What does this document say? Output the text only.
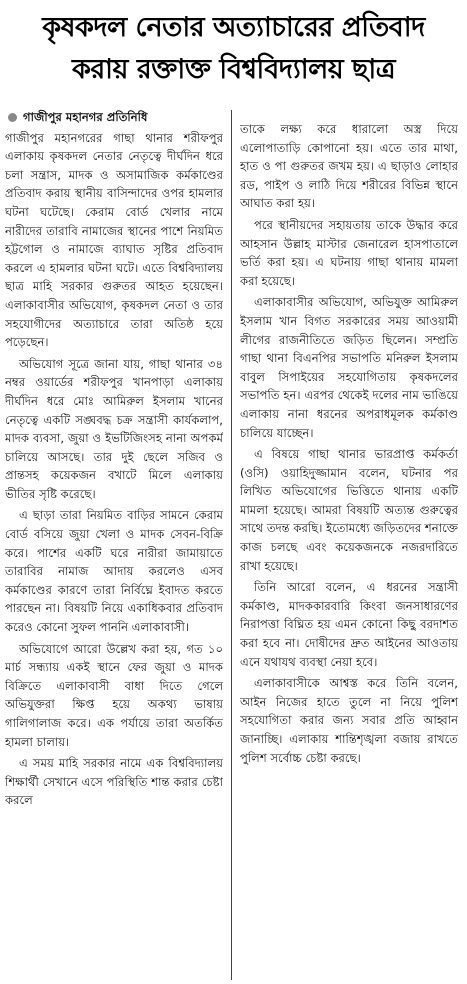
কৃষকদল নেতার অত্যাচারের প্রতিবাদ
করায় রক্তাক্ত বিশ্ববিদ্যালয় ছাত্র
গাজীপুর মহানগর প্রতিনিধি

গাজীপুর মহানগরের গাছা থানার শরীফপুর এলাকায় কৃষকদল নেতার নেতৃত্বে দীর্ঘদিন ধরে চলা সন্ত্রাস, মাদক ও অসামাজিক কর্মকাণ্ডের প্রতিবাদ করায় স্থানীয় বাসিন্দাদের ওপর হামলার ঘটনা ঘটেছে। কেরাম বোর্ড খেলার নামে নারীদের তারাবি নামাজের স্থানের পাশে নিয়মিত হট্টগোল ও নামাজে ব্যাঘাত সৃষ্টির প্রতিবাদ করলে এ হামলার ঘটনা ঘটে। এতে বিশ্ববিদ্যালয় ছাত্র মাহি সরকার গুরুতর আহত হয়েছেন। এলাকাবাসীর অভিযোগ, কৃষকদল নেতা ও তার সহযোগীদের অত্যাচারে তারা অতিষ্ঠ হয়ে পড়েছেন।

অভিযোগ সূত্রে জানা যায়, গাছা থানার ৩৪ নম্বর ওয়ার্ডের শরীফপুর খানপাড়া এলাকায় দীর্ঘদিন ধরে মোঃ আমিরুল ইসলাম খানের নেতৃত্বে একটি সঙ্ঘবদ্ধ চক্র সন্ত্রাসী কার্যকলাপ, মাদক ব্যবসা, জুয়া ও ইভটিজিংসহ নানা অপকর্ম চালিয়ে আসছে। তার দুই ছেলে সজিব ও প্রান্তসহ কয়েকজন বখাটে মিলে এলাকায় ভীতির সৃষ্টি করেছে।

এ ছাড়া তারা নিয়মিত বাড়ির সামনে কেরাম বোর্ড বসিয়ে জুয়া খেলা ও মাদক সেবন-বিক্রি করে। পাশের একটি ঘরে নারীরা জামায়াতে তারাবির নামাজ আদায় করলেও এসব কর্মকাণ্ডের কারণে তারা নির্বিঘ্নে ইবাদত করতে পারছেন না। বিষয়টি নিয়ে একাধিকবার প্রতিবাদ করেও কোনো সুফল পাননি এলাকাবাসী।

অভিযোগে আরো উল্লেখ করা হয়, গত ১০ মার্চ সন্ধ্যায় একই স্থানে ফের জুয়া ও মাদক বিক্রিতে এলাকাবাসী বাধা দিতে গেলে অভিযুক্তরা ক্ষিপ্ত হয়ে অকথ্য ভাষায় গালিগালাজ করে। এক পর্যায়ে তারা অতর্কিত হামলা চালায়।

এ সময় মাহি সরকার নামে এক বিশ্ববিদ্যালয় শিক্ষার্থী সেখানে এসে পরিস্থিতি শান্ত করার চেষ্টা করলে

তাকে লক্ষ্য করে ধারালো অস্ত্র দিয়ে এলোপাতাড়ি কোপানো হয়। এতে তার মাথা, হাত ও পা গুরুতর জখম হয়। এ ছাড়াও লোহার রড, পাইপ ও লাঠি দিয়ে শরীরের বিভিন্ন স্থানে আঘাত করা হয়।

পরে স্থানীয়দের সহায়তায় তাকে উদ্ধার করে আহসান উল্লাহ মাস্টার জেনারেল হাসপাতালে ভর্তি করা হয়। এ ঘটনায় গাছা থানায় মামলা করা হয়েছে।

এলাকাবাসীর অভিযোগ, অভিযুক্ত আমিরুল ইসলাম খান বিগত সরকারের সময় আওয়ামী লীগের রাজনীতিতে জড়িত ছিলেন। সম্প্রতি গাছা থানা বিএনপির সভাপতি মনিরুল ইসলাম বাবুল সিপাইয়ের সহযোগিতায় কৃষকদলের সভাপতি হন। এরপর থেকেই দলের নাম ভাঙিয়ে এলাকায় নানা ধরনের অপরাধমূলক কর্মকাণ্ড চালিয়ে যাচ্ছেন।

এ বিষয়ে গাছা থানার ভারপ্রাপ্ত কর্মকর্তা (ওসি) ওয়াহিদুজ্জামান বলেন, ঘটনার পর লিখিত অভিযোগের ভিত্তিতে থানায় একটি মামলা হয়েছে। আমরা বিষয়টি অত্যন্ত গুরুত্বের সাথে তদন্ত করছি। ইতোমধ্যে জড়িতদের শনাক্তে কাজ চলছে এবং কয়েকজনকে নজরদারিতে রাখা হয়েছে।

তিনি আরো বলেন, এ ধরনের সন্ত্রাসী কর্মকাণ্ড, মাদককারবারি কিংবা জনসাধারণের নিরাপত্তা বিঘ্নিত হয় এমন কোনো কিছু বরদাশত করা হবে না। দোষীদের দ্রুত আইনের আওতায় এনে যথাযথ ব্যবস্থা নেয়া হবে।

এলাকাবাসীকে আশ্বস্ত করে তিনি বলেন, আইন নিজের হাতে তুলে না নিয়ে পুলিশ সহযোগিতা করার জন্য সবার প্রতি আহ্বান জানাচ্ছি। এলাকায় শান্তিশৃঙ্খলা বজায় রাখতে পুলিশ সর্বোচ্চ চেষ্টা করছে।
